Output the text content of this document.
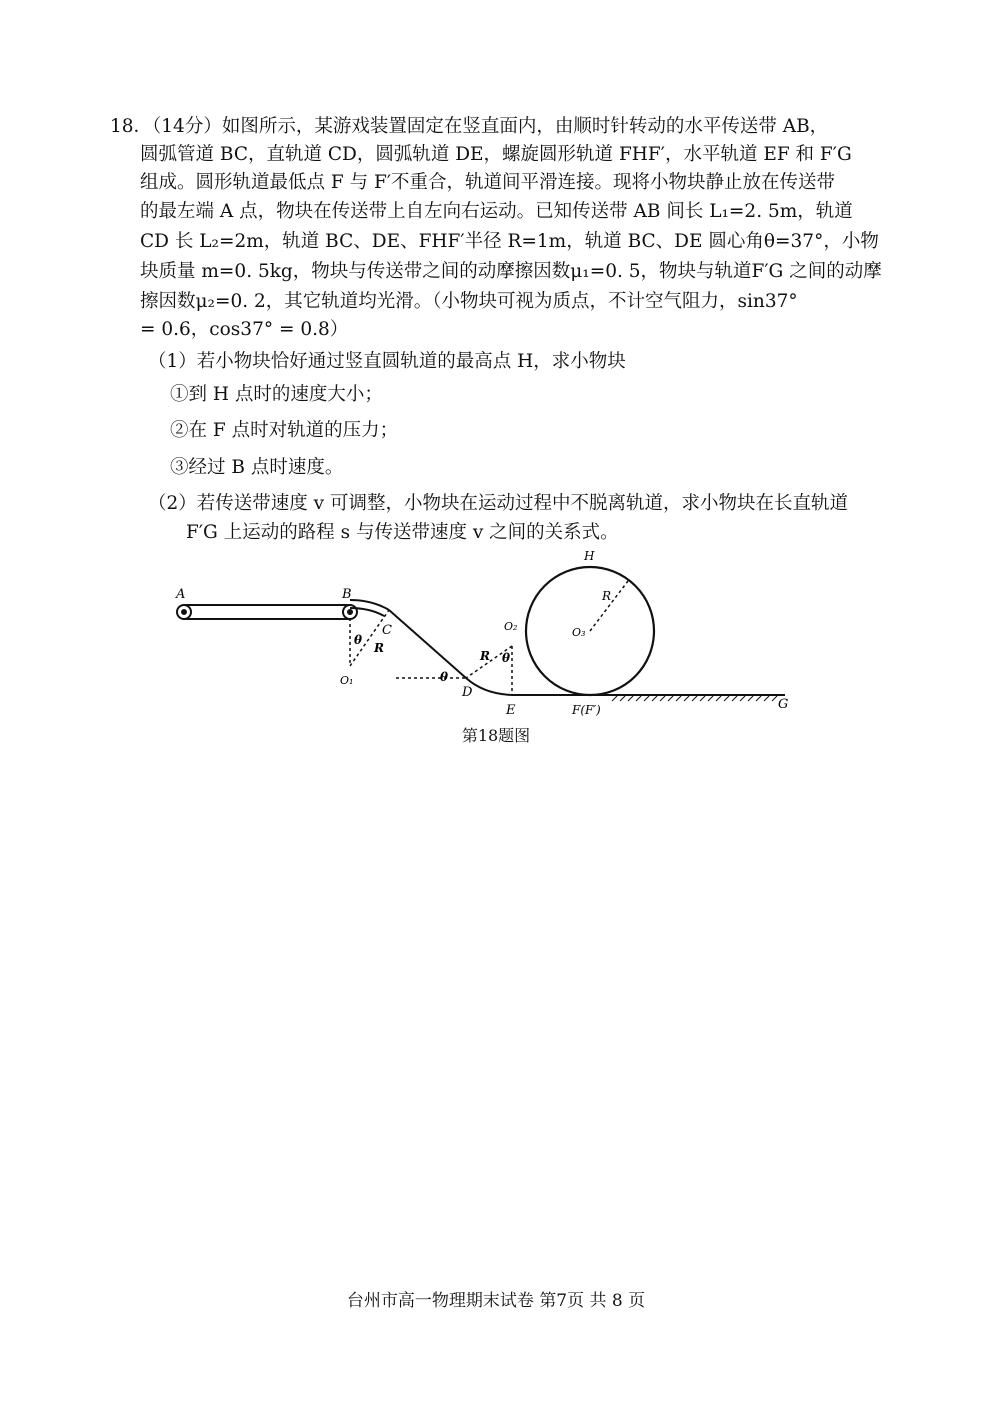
18．（14分）如图所示，某游戏装置固定在竖直面内，由顺时针转动的水平传送带 AB，
圆弧管道 BC，直轨道 CD，圆弧轨道 DE，螺旋圆形轨道 FHF′，水平轨道 EF 和 F′G
组成。圆形轨道最低点 F 与 F′不重合，轨道间平滑连接。现将小物块静止放在传送带
的最左端 A 点，物块在传送带上自左向右运动。已知传送带 AB 间长 L₁=2. 5m，轨道
CD 长 L₂=2m，轨道 BC、DE、FHF′半径 R=1m，轨道 BC、DE 圆心角θ=37°，小物
块质量 m=0. 5kg，物块与传送带之间的动摩擦因数μ₁=0. 5，物块与轨道F′G 之间的动摩
擦因数μ₂=0. 2，其它轨道均光滑。（小物块可视为质点，不计空气阻力，sin37°
= 0.6，cos37° = 0.8）
（1）若小物块恰好通过竖直圆轨道的最高点 H，求小物块
①到 H 点时的速度大小；
②在 F 点时对轨道的压力；
③经过 B 点时速度。
（2）若传送带速度 v 可调整，小物块在运动过程中不脱离轨道，求小物块在长直轨道
F′G 上运动的路程 s 与传送带速度 v 之间的关系式。
A	B
C
D
E	F(F′)	G
H
O₁
O₂	O₃
R
R
R
θ
θ
θ
第18题图
台州市高一物理期末试卷 第7页 共 8 页
